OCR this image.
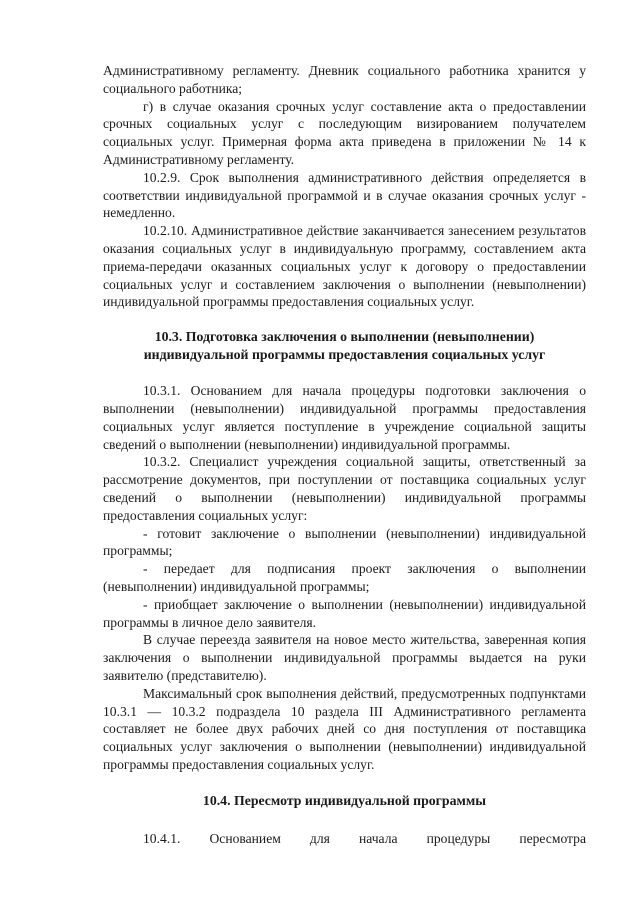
Административному регламенту. Дневник социального работника хранится у социального работника;

г) в случае оказания срочных услуг составление акта о предоставлении срочных социальных услуг с последующим визированием получателем социальных услуг. Примерная форма акта приведена в приложении № 14 к Административному регламенту.

10.2.9. Срок выполнения административного действия определяется в соответствии индивидуальной программой и в случае оказания срочных услуг - немедленно.

10.2.10. Административное действие заканчивается занесением результатов оказания социальных услуг в индивидуальную программу, составлением акта приема-передачи оказанных социальных услуг к договору о предоставлении социальных услуг и составлением заключения о выполнении (невыполнении) индивидуальной программы предоставления социальных услуг.

10.3. Подготовка заключения о выполнении (невыполнении) индивидуальной программы предоставления социальных услуг

10.3.1. Основанием для начала процедуры подготовки заключения о выполнении (невыполнении) индивидуальной программы предоставления социальных услуг является поступление в учреждение социальной защиты сведений о выполнении (невыполнении) индивидуальной программы.

10.3.2. Специалист учреждения социальной защиты, ответственный за рассмотрение документов, при поступлении от поставщика социальных услуг сведений о выполнении (невыполнении) индивидуальной программы предоставления социальных услуг:

- готовит заключение о выполнении (невыполнении) индивидуальной программы;

- передает для подписания проект заключения о выполнении (невыполнении) индивидуальной программы;

- приобщает заключение о выполнении (невыполнении) индивидуальной программы в личное дело заявителя.

В случае переезда заявителя на новое место жительства, заверенная копия заключения о выполнении индивидуальной программы выдается на руки заявителю (представителю).

Максимальный срок выполнения действий, предусмотренных подпунктами 10.3.1 — 10.3.2 подраздела 10 раздела III Административного регламента составляет не более двух рабочих дней со дня поступления от поставщика социальных услуг заключения о выполнении (невыполнении) индивидуальной программы предоставления социальных услуг.

10.4. Пересмотр индивидуальной программы

10.4.1. Основанием для начала процедуры пересмотра
